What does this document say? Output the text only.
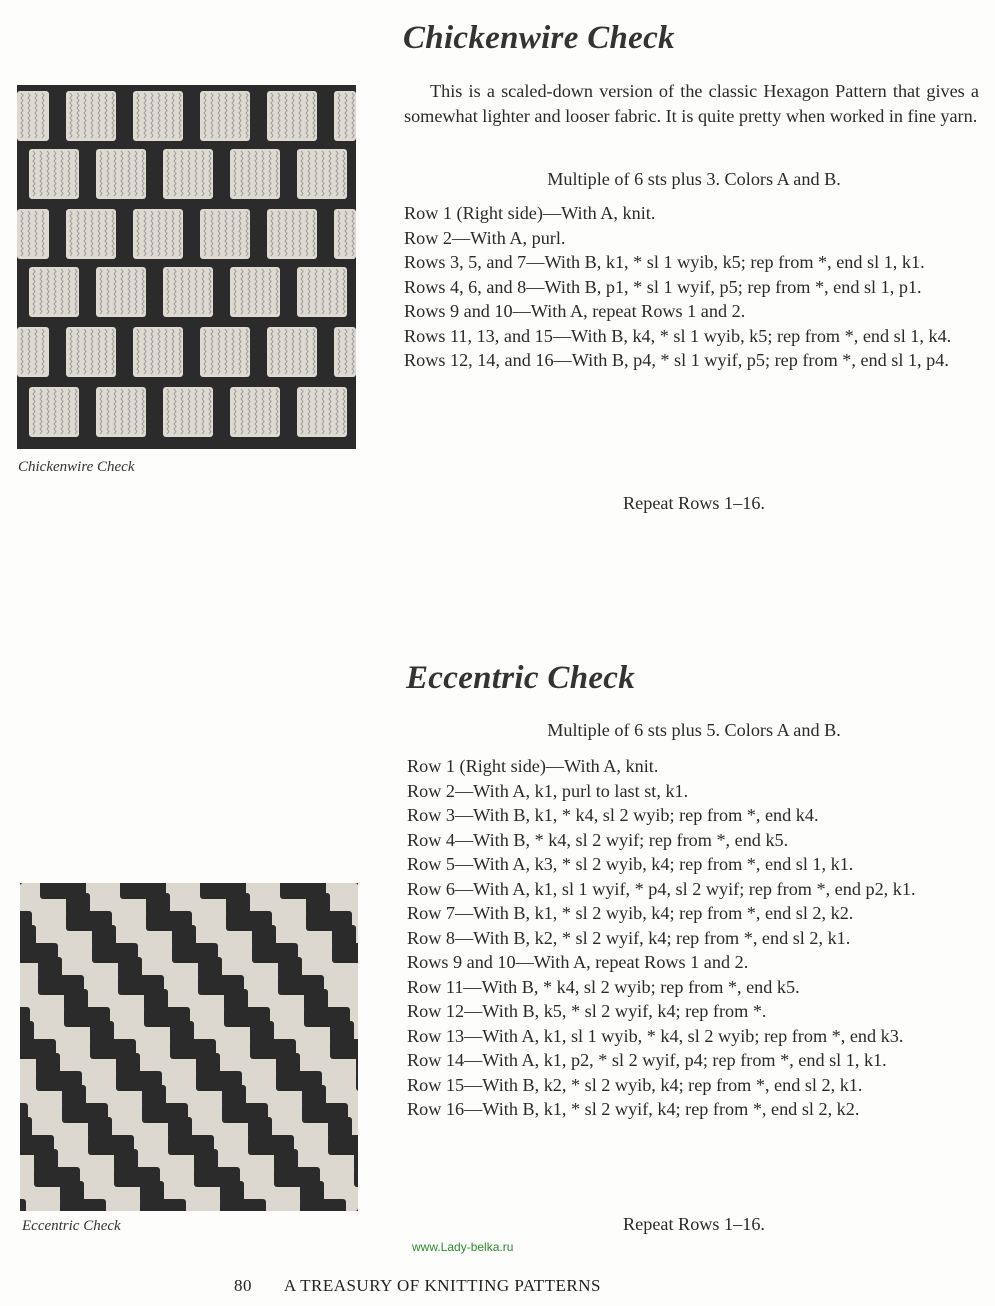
Chickenwire Check
Chickenwire Check
This is a scaled-down version of the classic Hexagon Pattern that gives a somewhat lighter and looser fabric. It is quite pretty when worked in fine yarn.
Multiple of 6 sts plus 3. Colors A and B.
Row 1 (Right side)—With A, knit.
Row 2—With A, purl.
Rows 3, 5, and 7—With B, k1, * sl 1 wyib, k5; rep from *, end sl 1, k1.
Rows 4, 6, and 8—With B, p1, * sl 1 wyif, p5; rep from *, end sl 1, p1.
Rows 9 and 10—With A, repeat Rows 1 and 2.
Rows 11, 13, and 15—With B, k4, * sl 1 wyib, k5; rep from *, end sl 1, k4.
Rows 12, 14, and 16—With B, p4, * sl 1 wyif, p5; rep from *, end sl 1, p4.
Repeat Rows 1–16.
Eccentric Check
Multiple of 6 sts plus 5. Colors A and B.
Row 1 (Right side)—With A, knit.
Row 2—With A, k1, purl to last st, k1.
Row 3—With B, k1, * k4, sl 2 wyib; rep from *, end k4.
Row 4—With B, * k4, sl 2 wyif; rep from *, end k5.
Row 5—With A, k3, * sl 2 wyib, k4; rep from *, end sl 1, k1.
Row 6—With A, k1, sl 1 wyif, * p4, sl 2 wyif; rep from *, end p2, k1.
Row 7—With B, k1, * sl 2 wyib, k4; rep from *, end sl 2, k2.
Row 8—With B, k2, * sl 2 wyif, k4; rep from *, end sl 2, k1.
Rows 9 and 10—With A, repeat Rows 1 and 2.
Row 11—With B, * k4, sl 2 wyib; rep from *, end k5.
Row 12—With B, k5, * sl 2 wyif, k4; rep from *.
Row 13—With A, k1, sl 1 wyib, * k4, sl 2 wyib; rep from *, end k3.
Row 14—With A, k1, p2, * sl 2 wyif, p4; rep from *, end sl 1, k1.
Row 15—With B, k2, * sl 2 wyib, k4; rep from *, end sl 2, k1.
Row 16—With B, k1, * sl 2 wyif, k4; rep from *, end sl 2, k2.
Eccentric Check	Repeat Rows 1–16.
www.Lady-belka.ru
80 A TREASURY OF KNITTING PATTERNS
